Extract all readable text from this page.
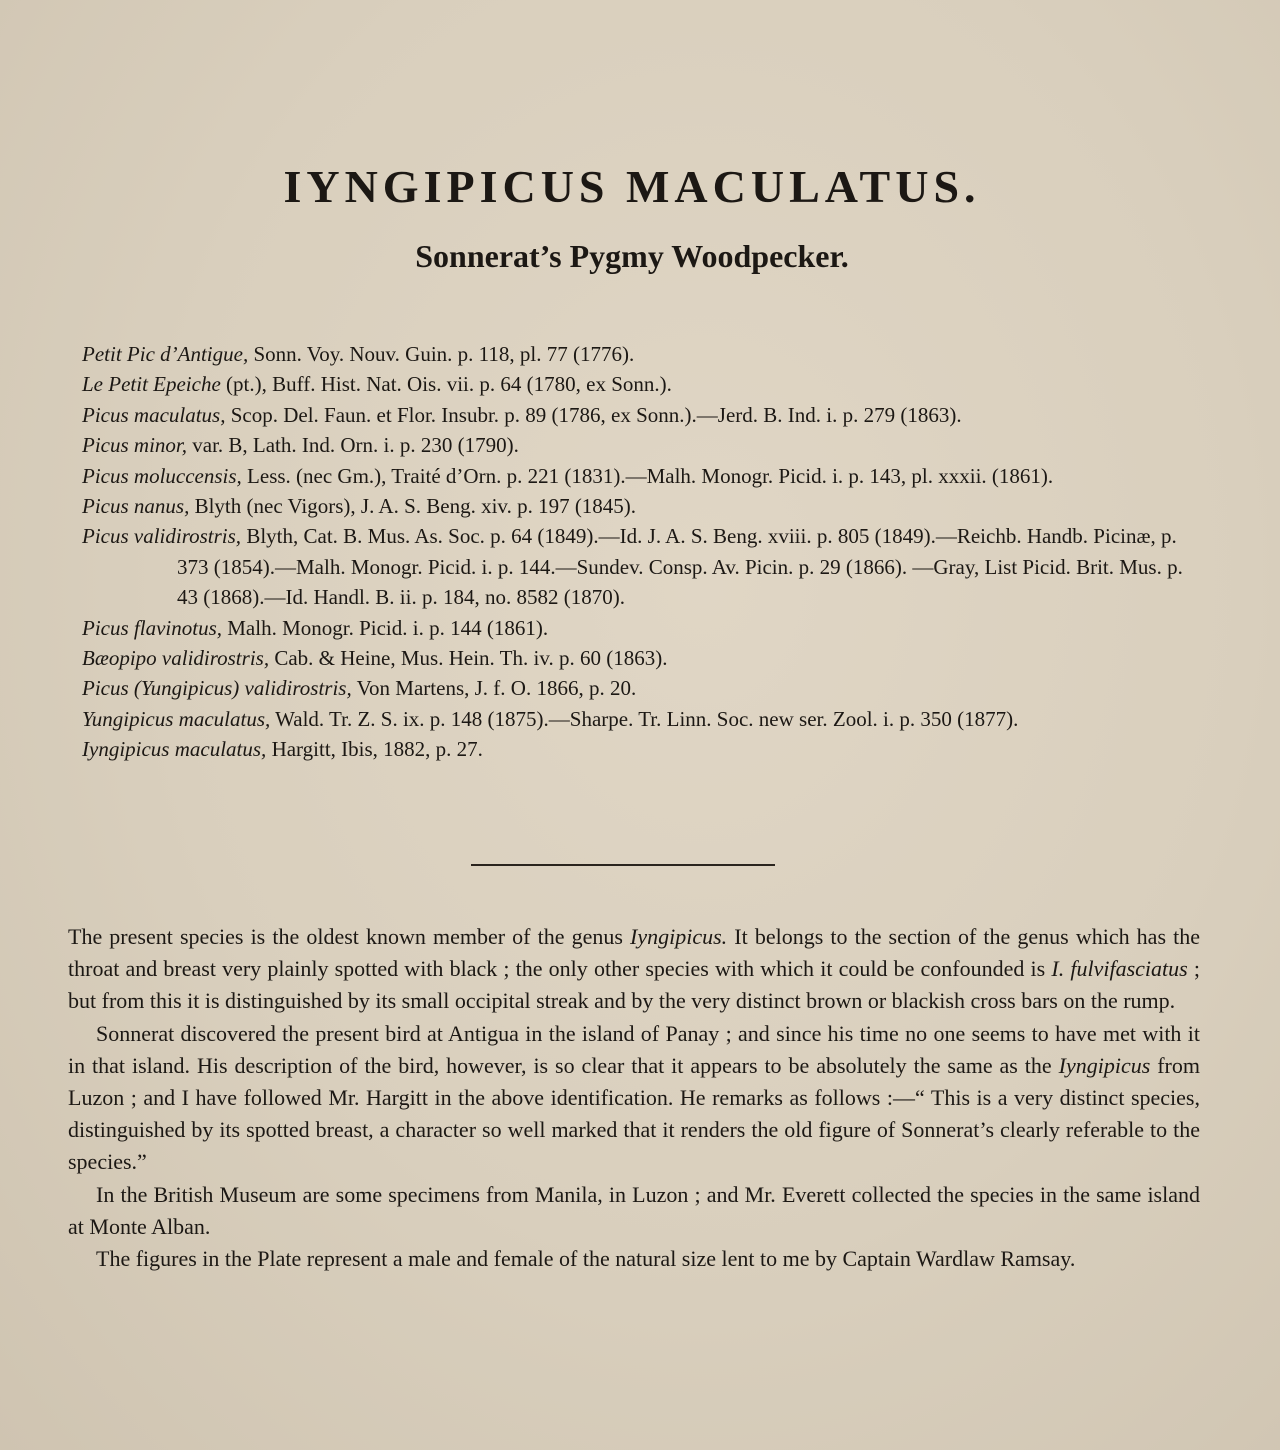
IYNGIPICUS MACULATUS.
Sonnerat’s Pygmy Woodpecker.
Petit Pic d’Antigue, Sonn. Voy. Nouv. Guin. p. 118, pl. 77 (1776).
Le Petit Epeiche (pt.), Buff. Hist. Nat. Ois. vii. p. 64 (1780, ex Sonn.).
Picus maculatus, Scop. Del. Faun. et Flor. Insubr. p. 89 (1786, ex Sonn.).—Jerd. B. Ind. i. p. 279 (1863).
Picus minor, var. B, Lath. Ind. Orn. i. p. 230 (1790).
Picus moluccensis, Less. (nec Gm.), Traité d’Orn. p. 221 (1831).—Malh. Monogr. Picid. i. p. 143, pl. xxxii. (1861).
Picus nanus, Blyth (nec Vigors), J. A. S. Beng. xiv. p. 197 (1845).
Picus validirostris, Blyth, Cat. B. Mus. As. Soc. p. 64 (1849).—Id. J. A. S. Beng. xviii. p. 805 (1849).—Reichb. Handb. Picinæ, p. 373 (1854).—Malh. Monogr. Picid. i. p. 144.—Sundev. Consp. Av. Picin. p. 29 (1866). —Gray, List Picid. Brit. Mus. p. 43 (1868).—Id. Handl. B. ii. p. 184, no. 8582 (1870).
Picus flavinotus, Malh. Monogr. Picid. i. p. 144 (1861).
Bæopipo validirostris, Cab. & Heine, Mus. Hein. Th. iv. p. 60 (1863).
Picus (Yungipicus) validirostris, Von Martens, J. f. O. 1866, p. 20.
Yungipicus maculatus, Wald. Tr. Z. S. ix. p. 148 (1875).—Sharpe. Tr. Linn. Soc. new ser. Zool. i. p. 350 (1877).
Iyngipicus maculatus, Hargitt, Ibis, 1882, p. 27.

The present species is the oldest known member of the genus Iyngipicus. It belongs to the section of the genus which has the throat and breast very plainly spotted with black ; the only other species with which it could be confounded is I. fulvifasciatus ; but from this it is distinguished by its small occipital streak and by the very distinct brown or blackish cross bars on the rump.

Sonnerat discovered the present bird at Antigua in the island of Panay ; and since his time no one seems to have met with it in that island. His description of the bird, however, is so clear that it appears to be absolutely the same as the Iyngipicus from Luzon ; and I have followed Mr. Hargitt in the above identification. He remarks as follows :—“ This is a very distinct species, distinguished by its spotted breast, a character so well marked that it renders the old figure of Sonnerat’s clearly referable to the species.”

In the British Museum are some specimens from Manila, in Luzon ; and Mr. Everett collected the species in the same island at Monte Alban.

The figures in the Plate represent a male and female of the natural size lent to me by Captain Wardlaw Ramsay.
